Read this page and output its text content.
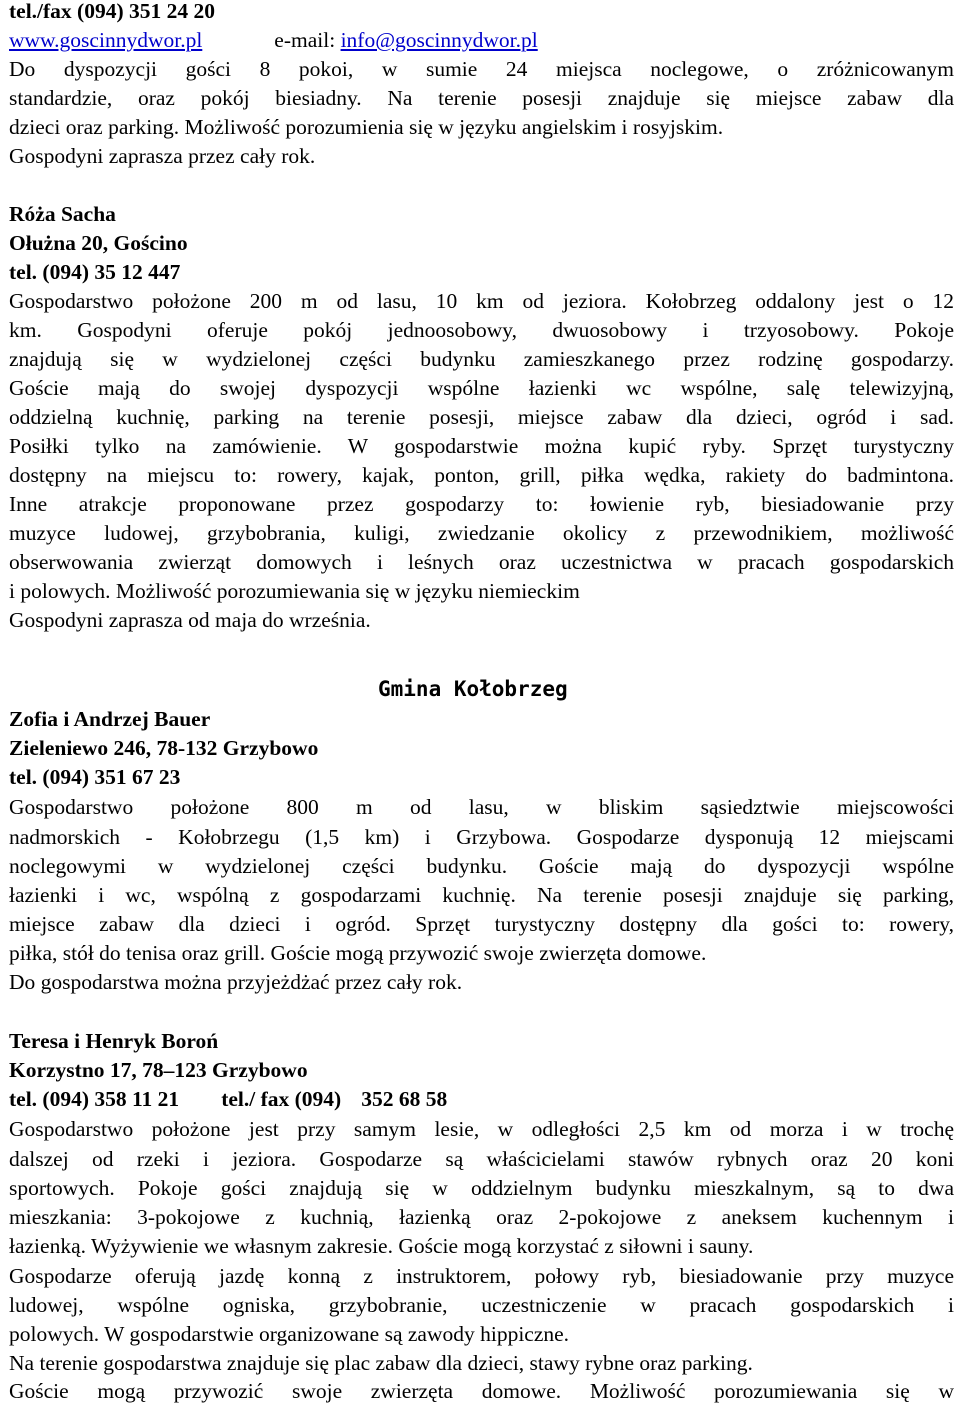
tel./fax (094) 351 24 20
www.goscinnydwor.pl	e-mail: info@goscinnydwor.pl
Do dyspozycji gości 8 pokoi, w sumie 24 miejsca noclegowe, o zróżnicowanym
standardzie, oraz pokój biesiadny. Na terenie posesji znajduje się miejsce zabaw dla
dzieci oraz parking. Możliwość porozumienia się w języku angielskim i rosyjskim.
Gospodyni zaprasza przez cały rok.
Róża Sacha
Ołużna 20, Gościno
tel. (094) 35 12 447
Gospodarstwo położone 200 m od lasu, 10 km od jeziora. Kołobrzeg oddalony jest o 12
km. Gospodyni oferuje pokój jednoosobowy, dwuosobowy i trzyosobowy. Pokoje
znajdują się w wydzielonej części budynku zamieszkanego przez rodzinę gospodarzy.
Goście mają do swojej dyspozycji wspólne łazienki wc wspólne, salę telewizyjną,
oddzielną kuchnię, parking na terenie posesji, miejsce zabaw dla dzieci, ogród i sad.
Posiłki tylko na zamówienie. W gospodarstwie można kupić ryby. Sprzęt turystyczny
dostępny na miejscu to: rowery, kajak, ponton, grill, piłka wędka, rakiety do badmintona.
Inne atrakcje proponowane przez gospodarzy to: łowienie ryb, biesiadowanie przy
muzyce ludowej, grzybobrania, kuligi, zwiedzanie okolicy z przewodnikiem, możliwość
obserwowania zwierząt domowych i leśnych oraz uczestnictwa w pracach gospodarskich
i polowych. Możliwość porozumiewania się w języku niemieckim
Gospodyni zaprasza od maja do września.
Gmina Kołobrzeg
Zofia i Andrzej Bauer
Zieleniewo 246, 78-132 Grzybowo
tel. (094) 351 67 23
Gospodarstwo położone 800 m od lasu, w bliskim sąsiedztwie miejscowości
nadmorskich - Kołobrzegu (1,5 km) i Grzybowa. Gospodarze dysponują 12 miejscami
noclegowymi w wydzielonej części budynku. Goście mają do dyspozycji wspólne
łazienki i wc, wspólną z gospodarzami kuchnię. Na terenie posesji znajduje się parking,
miejsce zabaw dla dzieci i ogród. Sprzęt turystyczny dostępny dla gości to: rowery,
piłka, stół do tenisa oraz grill. Goście mogą przywozić swoje zwierzęta domowe.
Do gospodarstwa można przyjeżdżać przez cały rok.
Teresa i Henryk Boroń
Korzystno 17, 78–123 Grzybowo
tel. (094) 358 11 21 tel./ fax (094) 352 68 58
Gospodarstwo położone jest przy samym lesie, w odległości 2,5 km od morza i w trochę
dalszej od rzeki i jeziora. Gospodarze są właścicielami stawów rybnych oraz 20 koni
sportowych. Pokoje gości znajdują się w oddzielnym budynku mieszkalnym, są to dwa
mieszkania: 3-pokojowe z kuchnią, łazienką oraz 2-pokojowe z aneksem kuchennym i
łazienką. Wyżywienie we własnym zakresie. Goście mogą korzystać z siłowni i sauny.
Gospodarze oferują jazdę konną z instruktorem, połowy ryb, biesiadowanie przy muzyce
ludowej, wspólne ogniska, grzybobranie, uczestniczenie w pracach gospodarskich i
polowych. W gospodarstwie organizowane są zawody hippiczne.
Na terenie gospodarstwa znajduje się plac zabaw dla dzieci, stawy rybne oraz parking.
Goście mogą przywozić swoje zwierzęta domowe. Możliwość porozumiewania się w
